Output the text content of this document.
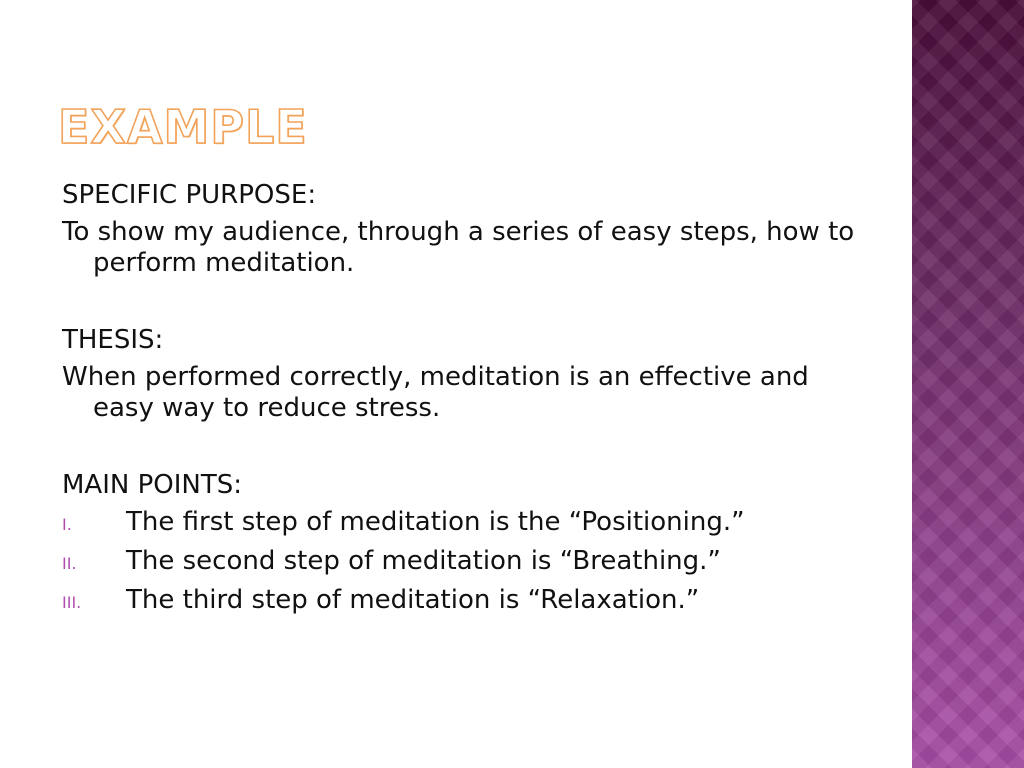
EXAMPLE

SPECIFIC PURPOSE:

To show my audience, through a series of easy steps, how to perform meditation.

THESIS:

When performed correctly, meditation is an effective and easy way to reduce stress.

MAIN POINTS:

I.	The first step of meditation is the “Positioning.”
II.	The second step of meditation is “Breathing.”
III.	The third step of meditation is “Relaxation.”
